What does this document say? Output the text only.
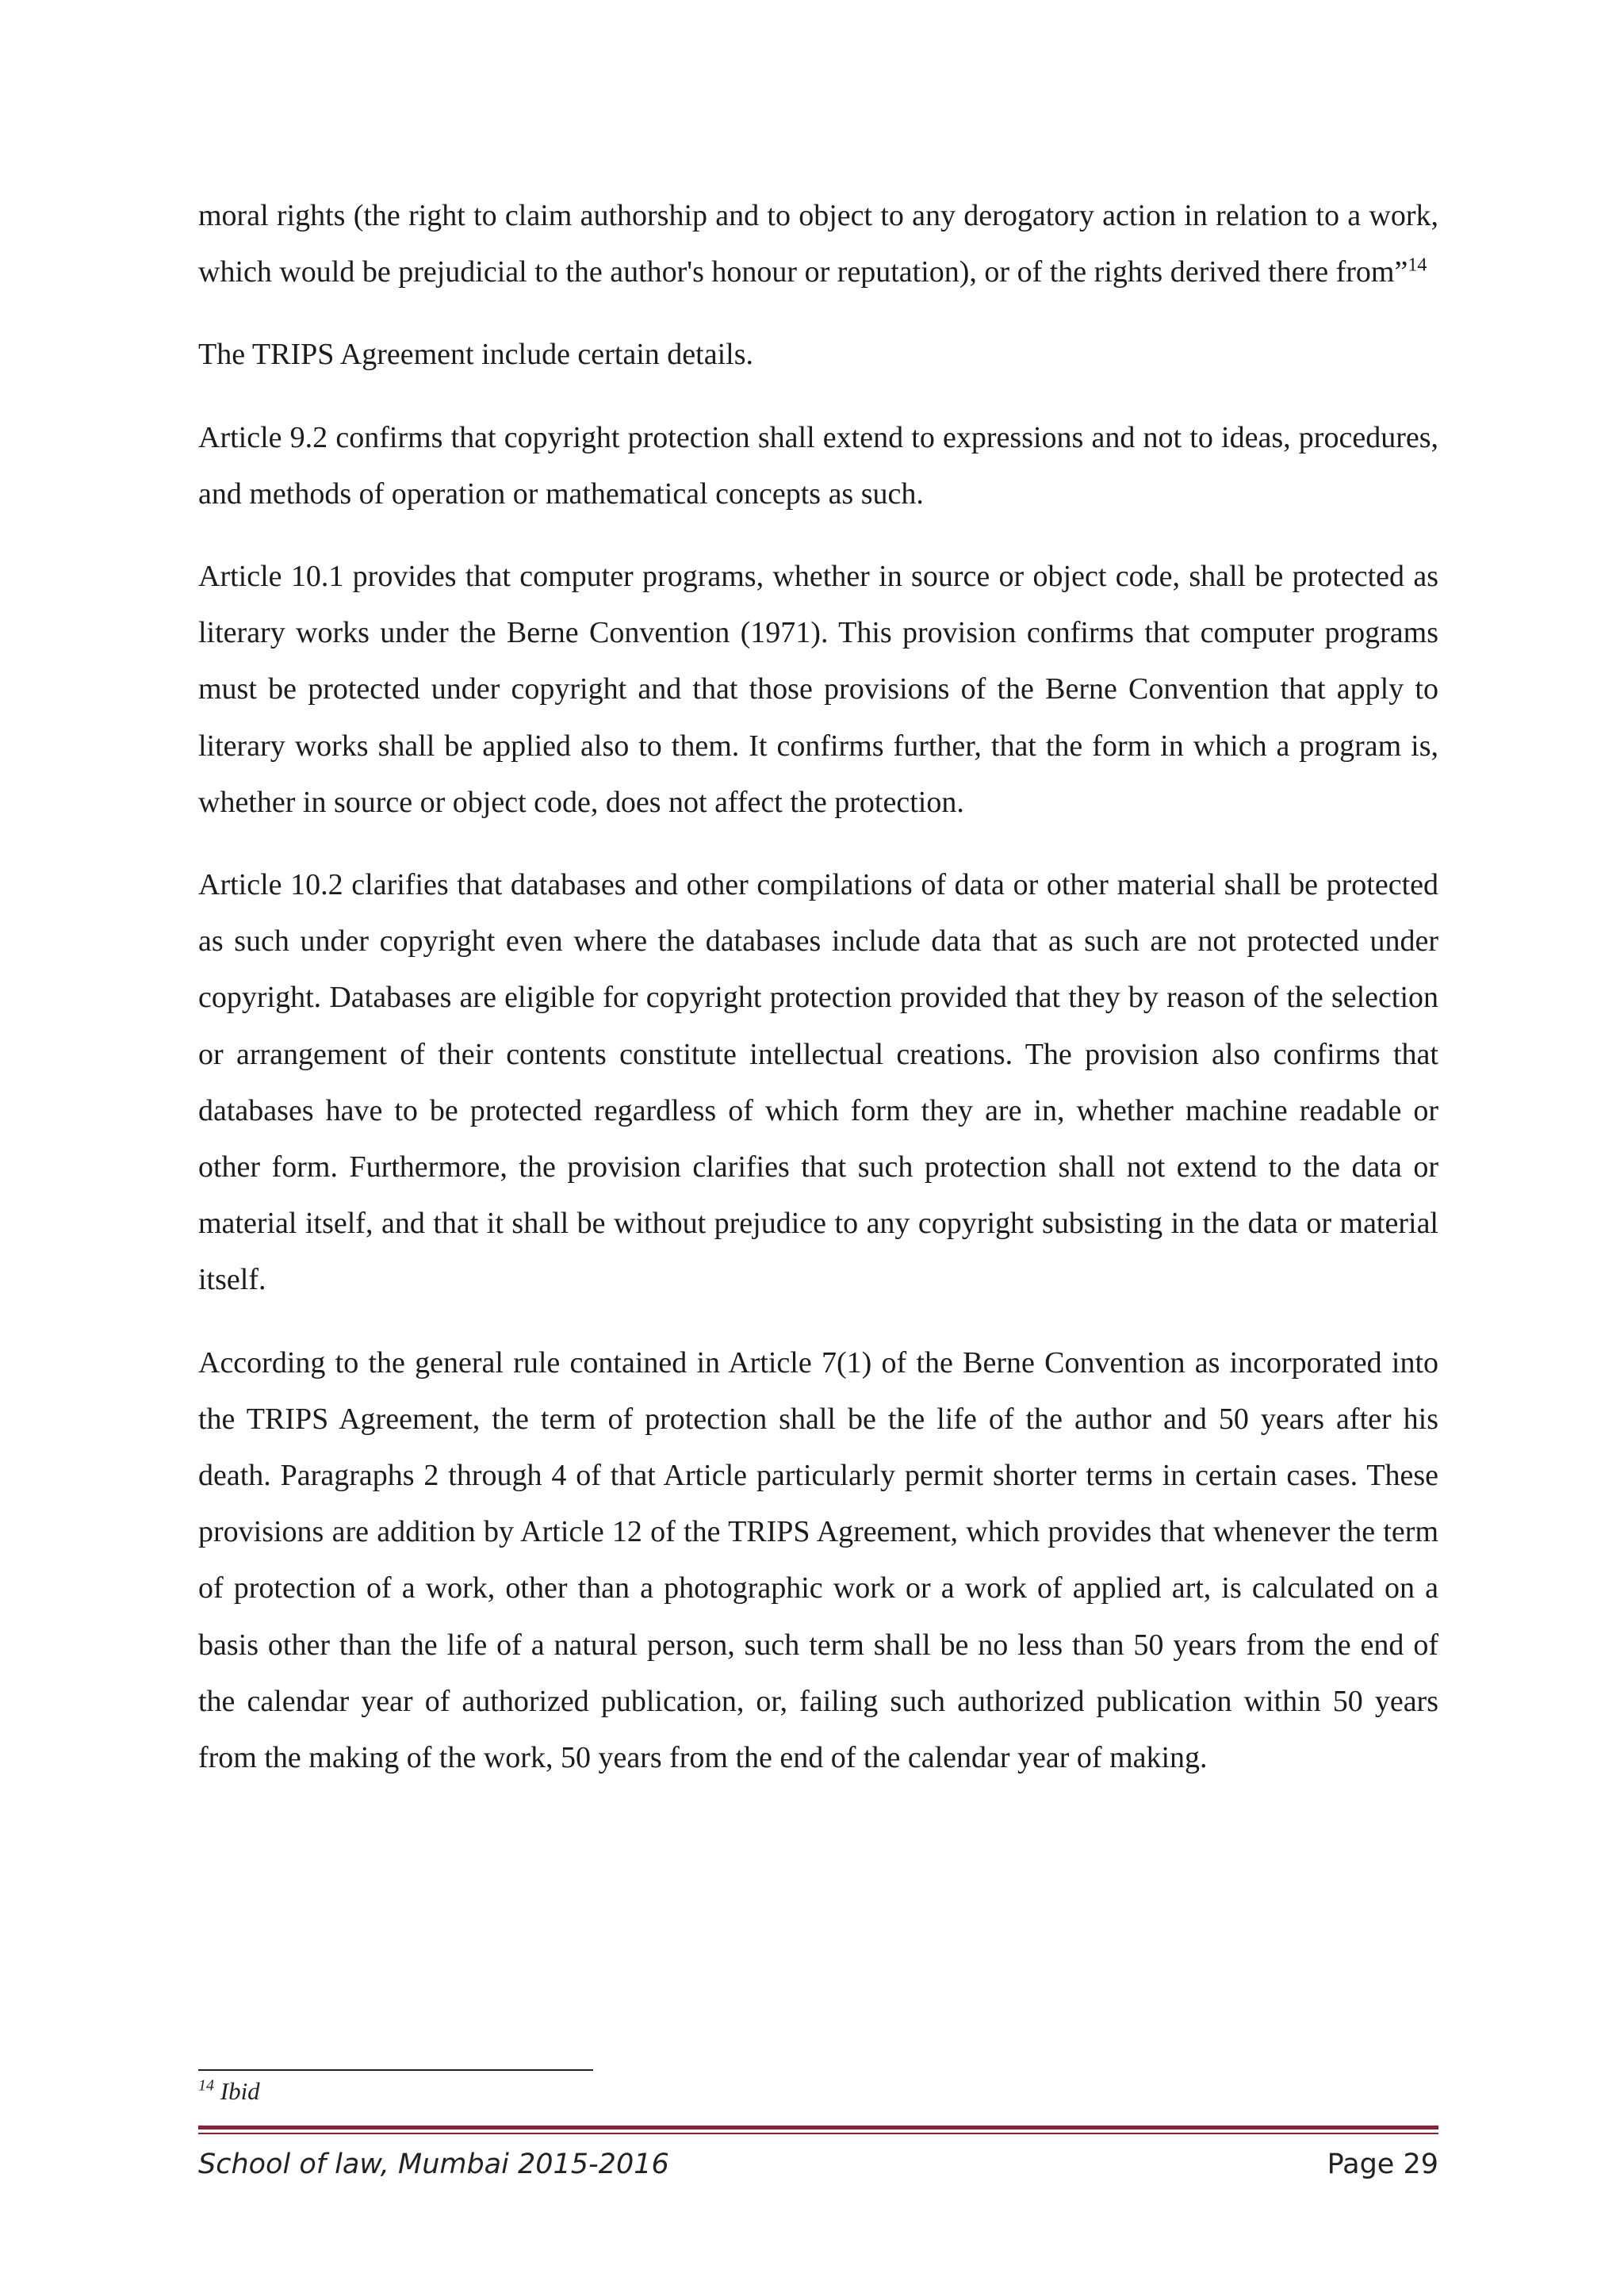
moral rights (the right to claim authorship and to object to any derogatory action in relation to a work, which would be prejudicial to the author's honour or reputation), or of the rights derived there from”$^{14}$

The TRIPS Agreement include certain details.

Article 9.2 confirms that copyright protection shall extend to expressions and not to ideas, procedures, and methods of operation or mathematical concepts as such.

Article 10.1 provides that computer programs, whether in source or object code, shall be protected as literary works under the Berne Convention (1971). This provision confirms that computer programs must be protected under copyright and that those provisions of the Berne Convention that apply to literary works shall be applied also to them. It confirms further, that the form in which a program is, whether in source or object code, does not affect the protection.

Article 10.2 clarifies that databases and other compilations of data or other material shall be protected as such under copyright even where the databases include data that as such are not protected under copyright. Databases are eligible for copyright protection provided that they by reason of the selection or arrangement of their contents constitute intellectual creations. The provision also confirms that databases have to be protected regardless of which form they are in, whether machine readable or other form. Furthermore, the provision clarifies that such protection shall not extend to the data or material itself, and that it shall be without prejudice to any copyright subsisting in the data or material itself.

According to the general rule contained in Article 7(1) of the Berne Convention as incorporated into the TRIPS Agreement, the term of protection shall be the life of the author and 50 years after his death. Paragraphs 2 through 4 of that Article particularly permit shorter terms in certain cases. These provisions are addition by Article 12 of the TRIPS Agreement, which provides that whenever the term of protection of a work, other than a photographic work or a work of applied art, is calculated on a basis other than the life of a natural person, such term shall be no less than 50 years from the end of the calendar year of authorized publication, or, failing such authorized publication within 50 years from the making of the work, 50 years from the end of the calendar year of making.

$^{14}$ Ibid
School of law, Mumbai 2015-2016	Page 29
